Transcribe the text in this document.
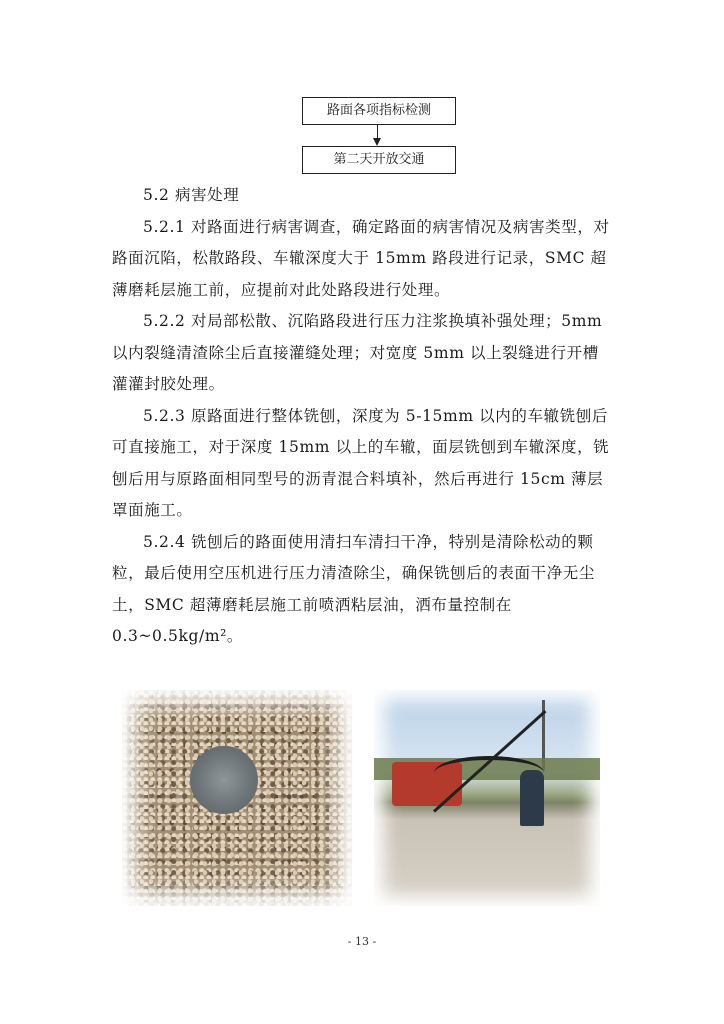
路面各项指标检测
第二天开放交通

5.2 病害处理

5.2.1 对路面进行病害调查，确定路面的病害情况及病害类型，对路面沉陷，松散路段、车辙深度大于 15mm 路段进行记录，SMC 超薄磨耗层施工前，应提前对此处路段进行处理。

5.2.2 对局部松散、沉陷路段进行压力注浆换填补强处理；5mm 以内裂缝清渣除尘后直接灌缝处理；对宽度 5mm 以上裂缝进行开槽灌灌封胶处理。

5.2.3 原路面进行整体铣刨，深度为 5-15mm 以内的车辙铣刨后可直接施工，对于深度 15mm 以上的车辙，面层铣刨到车辙深度，铣刨后用与原路面相同型号的沥青混合料填补，然后再进行 15cm 薄层罩面施工。

5.2.4 铣刨后的路面使用清扫车清扫干净，特别是清除松动的颗粒，最后使用空压机进行压力清渣除尘，确保铣刨后的表面干净无尘土，SMC 超薄磨耗层施工前喷洒粘层油，洒布量控制在 0.3~0.5kg/m²。

- 13 -
